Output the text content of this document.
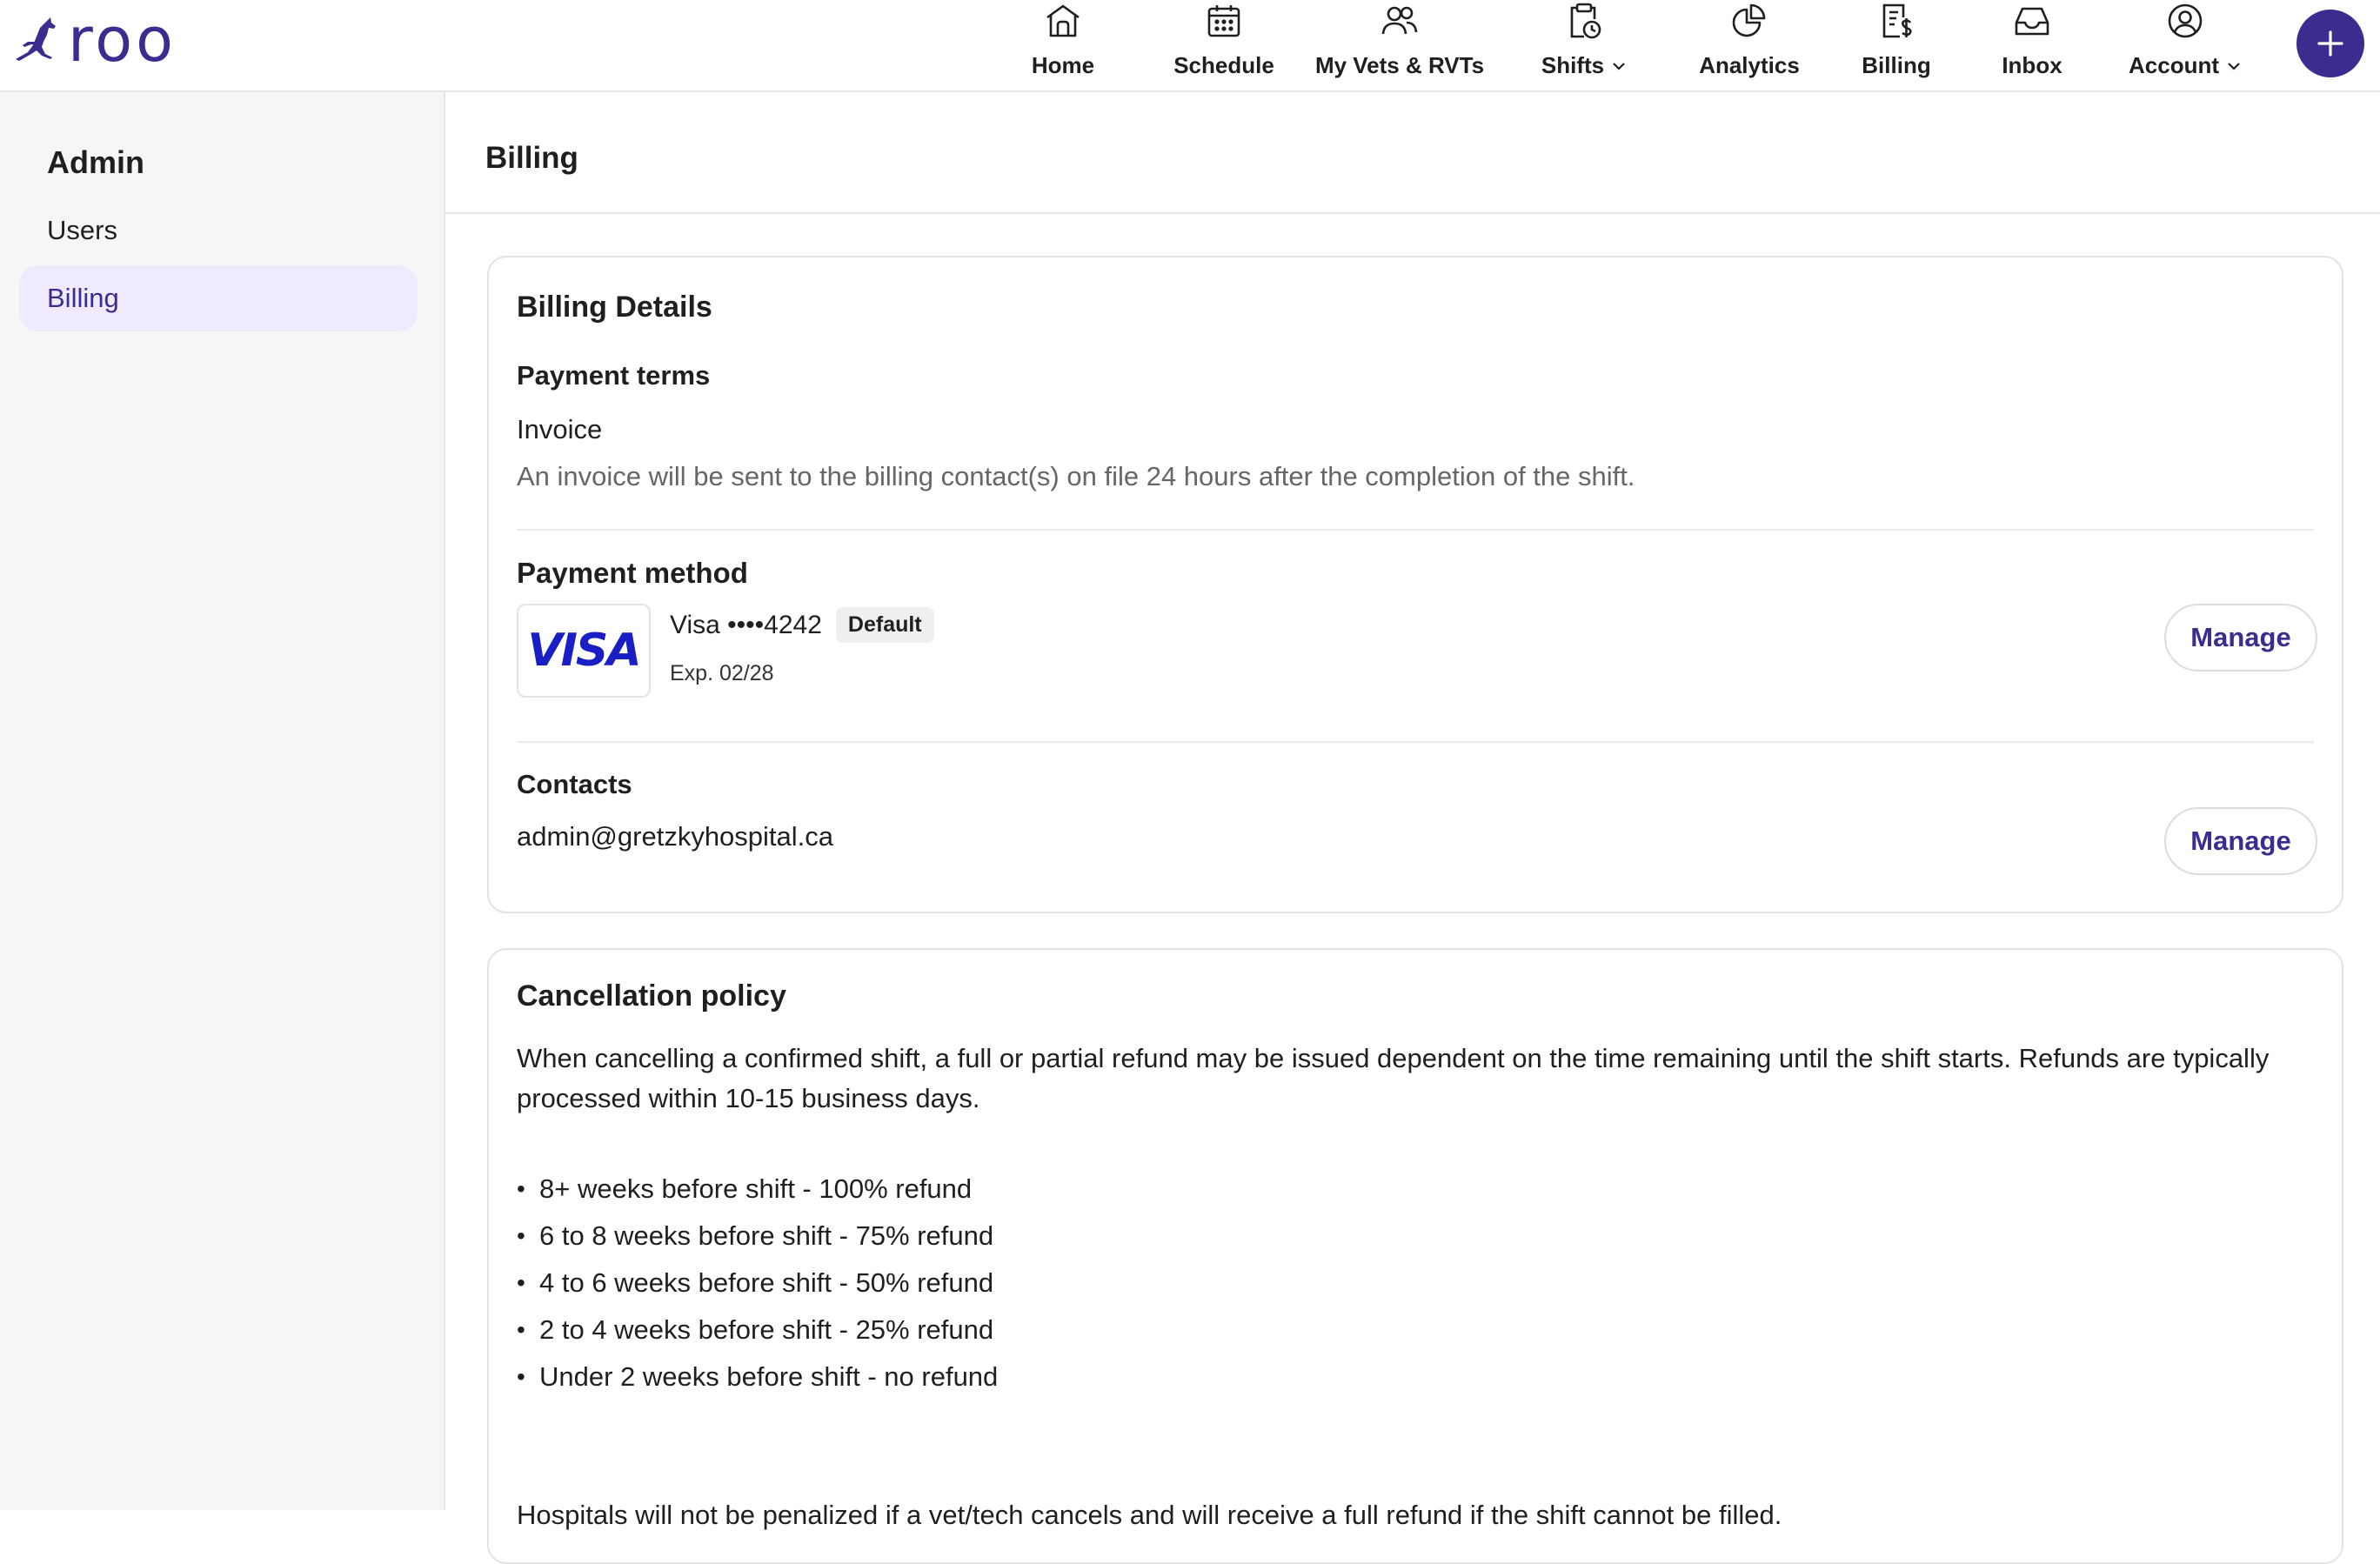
roo	Home	Schedule My Vets & RVTs	Shifts	Analytics	Billing	Inbox	Account
Admin
Users
Billing
Billing
Billing Details
Payment terms
Invoice
An invoice will be sent to the billing contact(s) on file 24 hours after the completion of the shift.
Payment method
VISA Visa ••••4242	Default
Exp. 02/28
Manage
Contacts
admin@gretzkyhospital.ca	Manage
Cancellation policy
When cancelling a confirmed shift, a full or partial refund may be issued dependent on the time remaining until the shift starts. Refunds are typically processed within 10-15 business days.
• 8+ weeks before shift - 100% refund
• 6 to 8 weeks before shift - 75% refund
• 4 to 6 weeks before shift - 50% refund
• 2 to 4 weeks before shift - 25% refund
• Under 2 weeks before shift - no refund
Hospitals will not be penalized if a vet/tech cancels and will receive a full refund if the shift cannot be filled.
